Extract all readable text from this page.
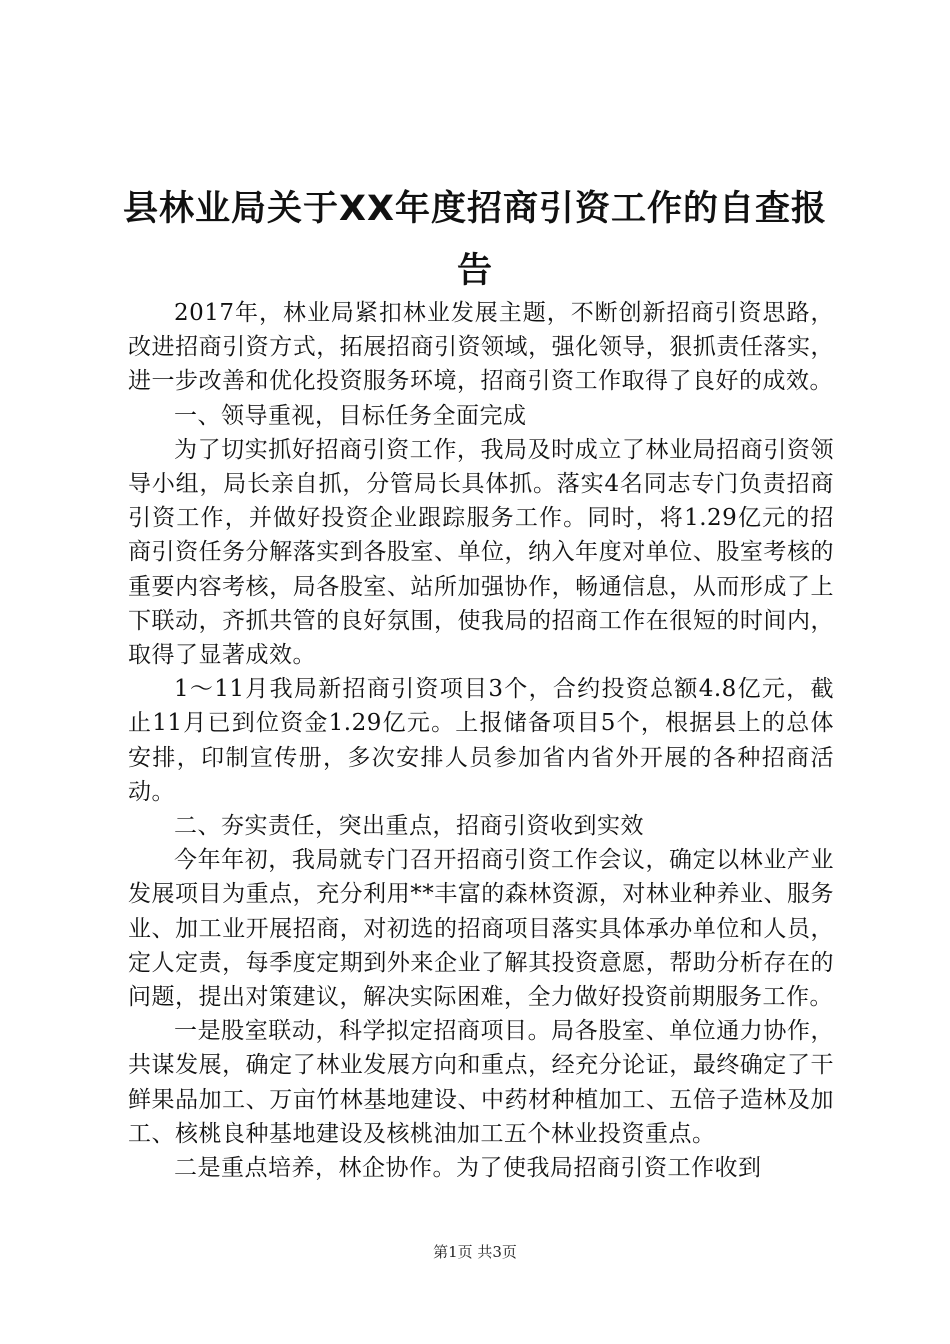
县林业局关于XX年度招商引资工作的自查报告

2017年，林业局紧扣林业发展主题，不断创新招商引资思路，改进招商引资方式，拓展招商引资领域，强化领导，狠抓责任落实，进一步改善和优化投资服务环境，招商引资工作取得了良好的成效。

一、领导重视，目标任务全面完成

为了切实抓好招商引资工作，我局及时成立了林业局招商引资领导小组，局长亲自抓，分管局长具体抓。落实4名同志专门负责招商引资工作，并做好投资企业跟踪服务工作。同时，将1.29亿元的招商引资任务分解落实到各股室、单位，纳入年度对单位、股室考核的重要内容考核，局各股室、站所加强协作，畅通信息，从而形成了上下联动，齐抓共管的良好氛围，使我局的招商工作在很短的时间内，取得了显著成效。

1～11月我局新招商引资项目3个，合约投资总额4.8亿元，截止11月已到位资金1.29亿元。上报储备项目5个，根据县上的总体安排，印制宣传册，多次安排人员参加省内省外开展的各种招商活动。

二、夯实责任，突出重点，招商引资收到实效

今年年初，我局就专门召开招商引资工作会议，确定以林业产业发展项目为重点，充分利用**丰富的森林资源，对林业种养业、服务业、加工业开展招商，对初选的招商项目落实具体承办单位和人员，定人定责，每季度定期到外来企业了解其投资意愿，帮助分析存在的问题，提出对策建议，解决实际困难，全力做好投资前期服务工作。

一是股室联动，科学拟定招商项目。局各股室、单位通力协作，共谋发展，确定了林业发展方向和重点，经充分论证，最终确定了干鲜果品加工、万亩竹林基地建设、中药材种植加工、五倍子造林及加工、核桃良种基地建设及核桃油加工五个林业投资重点。

二是重点培养，林企协作。为了使我局招商引资工作收到

第1页 共3页
